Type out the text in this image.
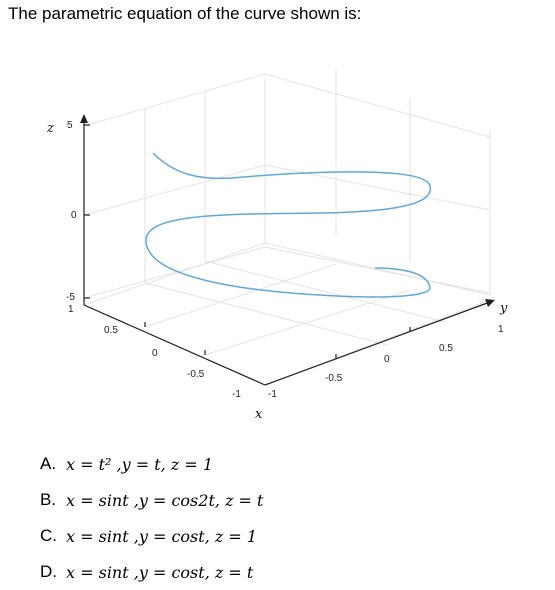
The parametric equation of the curve shown is:
z
x
y
5
0
-5
1
0.5
0
-0.5
-1	-1
-0.5
0
0.5
1
A. x = t² ,y = t, z = 1
B. x = sint ,y = cos2t, z = t
C. x = sint ,y = cost, z = 1
D. x = sint ,y = cost, z = t
